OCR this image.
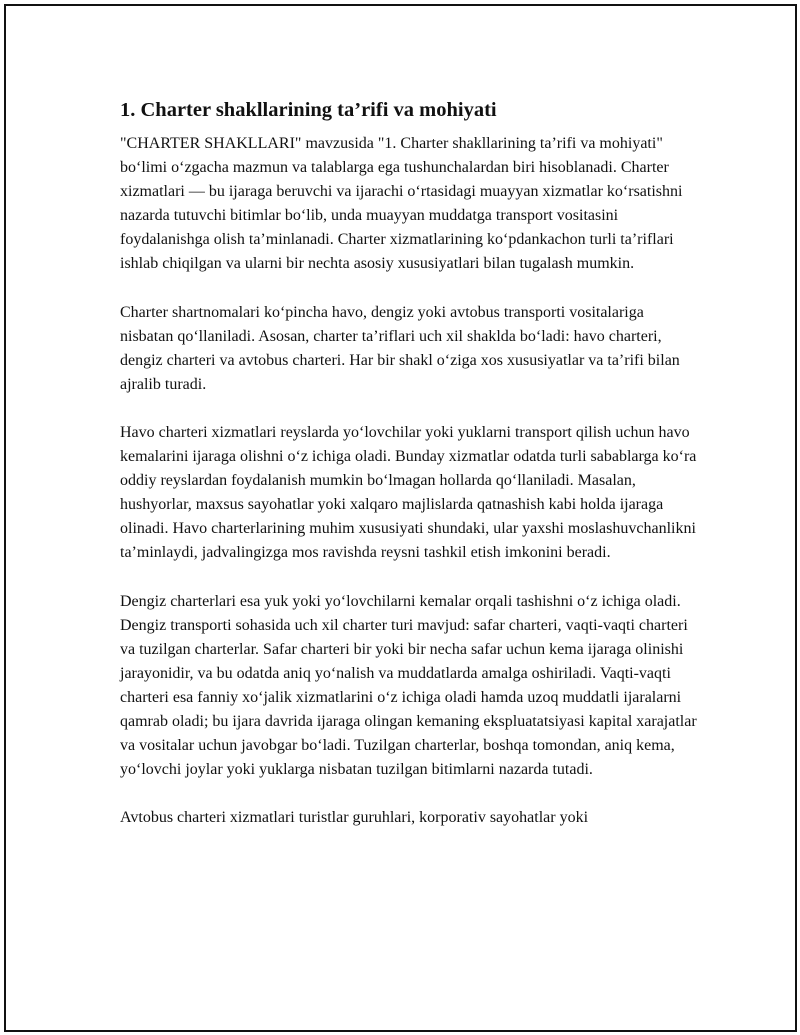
1. Charter shakllarining ta’rifi va mohiyati

"CHARTER SHAKLLARI" mavzusida "1. Charter shakllarining ta’rifi va mohiyati" bo‘limi o‘zgacha mazmun va talablarga ega tushunchalardan biri hisoblanadi. Charter xizmatlari — bu ijaraga beruvchi va ijarachi o‘rtasidagi muayyan xizmatlar ko‘rsatishni nazarda tutuvchi bitimlar bo‘lib, unda muayyan muddatga transport vositasini foydalanishga olish ta’minlanadi. Charter xizmatlarining ko‘pdankachon turli ta’riflari ishlab chiqilgan va ularni bir nechta asosiy xususiyatlari bilan tugalash mumkin.

Charter shartnomalari ko‘pincha havo, dengiz yoki avtobus transporti vositalariga nisbatan qo‘llaniladi. Asosan, charter ta’riflari uch xil shaklda bo‘ladi: havo charteri, dengiz charteri va avtobus charteri. Har bir shakl o‘ziga xos xususiyatlar va ta’rifi bilan ajralib turadi.

Havo charteri xizmatlari reyslarda yo‘lovchilar yoki yuklarni transport qilish uchun havo kemalarini ijaraga olishni o‘z ichiga oladi. Bunday xizmatlar odatda turli sabablarga ko‘ra oddiy reyslardan foydalanish mumkin bo‘lmagan hollarda qo‘llaniladi. Masalan, hushyorlar, maxsus sayohatlar yoki xalqaro majlislarda qatnashish kabi holda ijaraga olinadi. Havo charterlarining muhim xususiyati shundaki, ular yaxshi moslashuvchanlikni ta’minlaydi, jadvalingizga mos ravishda reysni tashkil etish imkonini beradi.

Dengiz charterlari esa yuk yoki yo‘lovchilarni kemalar orqali tashishni o‘z ichiga oladi. Dengiz transporti sohasida uch xil charter turi mavjud: safar charteri, vaqti-vaqti charteri va tuzilgan charterlar. Safar charteri bir yoki bir necha safar uchun kema ijaraga olinishi jarayonidir, va bu odatda aniq yo‘nalish va muddatlarda amalga oshiriladi. Vaqti-vaqti charteri esa fanniy xo‘jalik xizmatlarini o‘z ichiga oladi hamda uzoq muddatli ijaralarni qamrab oladi; bu ijara davrida ijaraga olingan kemaning ekspluatatsiyasi kapital xarajatlar va vositalar uchun javobgar bo‘ladi. Tuzilgan charterlar, boshqa tomondan, aniq kema, yo‘lovchi joylar yoki yuklarga nisbatan tuzilgan bitimlarni nazarda tutadi.

Avtobus charteri xizmatlari turistlar guruhlari, korporativ sayohatlar yoki
